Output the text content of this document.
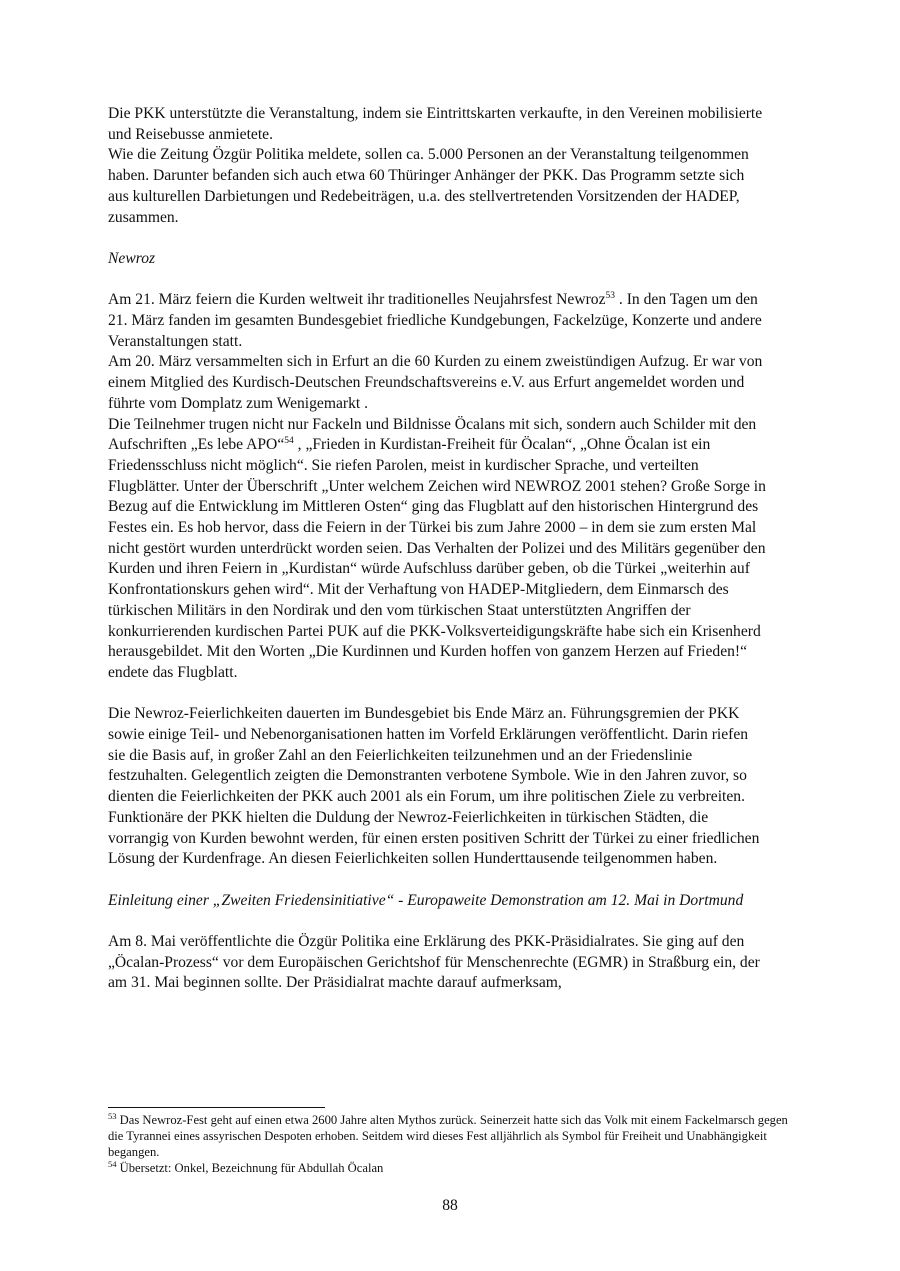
Die PKK unterstützte die Veranstaltung, indem sie Eintrittskarten verkaufte, in den Vereinen mobilisierte und Reisebusse anmietete.

Wie die Zeitung Özgür Politika meldete, sollen ca. 5.000 Personen an der Veranstaltung teilgenommen haben. Darunter befanden sich auch etwa 60 Thüringer Anhänger der PKK. Das Programm setzte sich aus kulturellen Darbietungen und Redebeiträgen, u.a. des stellvertretenden Vorsitzenden der HADEP, zusammen.

Newroz

Am 21. März feiern die Kurden weltweit ihr traditionelles Neujahrsfest Newroz$^{53}$ . In den Tagen um den 21. März fanden im gesamten Bundesgebiet friedliche Kundgebungen, Fackelzüge, Konzerte und andere Veranstaltungen statt.

Am 20. März versammelten sich in Erfurt an die 60 Kurden zu einem zweistündigen Aufzug. Er war von einem Mitglied des Kurdisch-Deutschen Freundschaftsvereins e.V. aus Erfurt angemeldet worden und führte vom Domplatz zum Wenigemarkt .

Die Teilnehmer trugen nicht nur Fackeln und Bildnisse Öcalans mit sich, sondern auch Schilder mit den Aufschriften „Es lebe APO“$^{54}$ , „Frieden in Kurdistan-Freiheit für Öcalan“, „Ohne Öcalan ist ein Friedensschluss nicht möglich“. Sie riefen Parolen, meist in kurdischer Sprache, und verteilten Flugblätter. Unter der Überschrift „Unter welchem Zeichen wird NEWROZ 2001 stehen? Große Sorge in Bezug auf die Entwicklung im Mittleren Osten“ ging das Flugblatt auf den historischen Hintergrund des Festes ein. Es hob hervor, dass die Feiern in der Türkei bis zum Jahre 2000 – in dem sie zum ersten Mal nicht gestört wurden unterdrückt worden seien. Das Verhalten der Polizei und des Militärs gegenüber den Kurden und ihren Feiern in „Kurdistan“ würde Aufschluss darüber geben, ob die Türkei „weiterhin auf Konfrontationskurs gehen wird“. Mit der Verhaftung von HADEP-Mitgliedern, dem Einmarsch des türkischen Militärs in den Nordirak und den vom türkischen Staat unterstützten Angriffen der konkurrierenden kurdischen Partei PUK auf die PKK-Volksverteidigungskräfte habe sich ein Krisenherd herausgebildet. Mit den Worten „Die Kurdinnen und Kurden hoffen von ganzem Herzen auf Frieden!“ endete das Flugblatt.

Die Newroz-Feierlichkeiten dauerten im Bundesgebiet bis Ende März an. Führungsgremien der PKK sowie einige Teil- und Nebenorganisationen hatten im Vorfeld Erklärungen veröffentlicht. Darin riefen sie die Basis auf, in großer Zahl an den Feierlichkeiten teilzunehmen und an der Friedenslinie festzuhalten. Gelegentlich zeigten die Demonstranten verbotene Symbole. Wie in den Jahren zuvor, so dienten die Feierlichkeiten der PKK auch 2001 als ein Forum, um ihre politischen Ziele zu verbreiten.

Funktionäre der PKK hielten die Duldung der Newroz-Feierlichkeiten in türkischen Städten, die vorrangig von Kurden bewohnt werden, für einen ersten positiven Schritt der Türkei zu einer friedlichen Lösung der Kurdenfrage. An diesen Feierlichkeiten sollen Hunderttausende teilgenommen haben.

Einleitung einer „Zweiten Friedensinitiative“ - Europaweite Demonstration am 12. Mai in Dortmund

Am 8. Mai veröffentlichte die Özgür Politika eine Erklärung des PKK-Präsidialrates. Sie ging auf den „Öcalan-Prozess“ vor dem Europäischen Gerichtshof für Menschenrechte (EGMR) in Straßburg ein, der am 31. Mai beginnen sollte. Der Präsidialrat machte darauf aufmerksam,

$^{53}$ Das Newroz-Fest geht auf einen etwa 2600 Jahre alten Mythos zurück. Seinerzeit hatte sich das Volk mit einem Fackelmarsch gegen die Tyrannei eines assyrischen Despoten erhoben. Seitdem wird dieses Fest alljährlich als Symbol für Freiheit und Unabhängigkeit begangen.

$^{54}$ Übersetzt: Onkel, Bezeichnung für Abdullah Öcalan

88
